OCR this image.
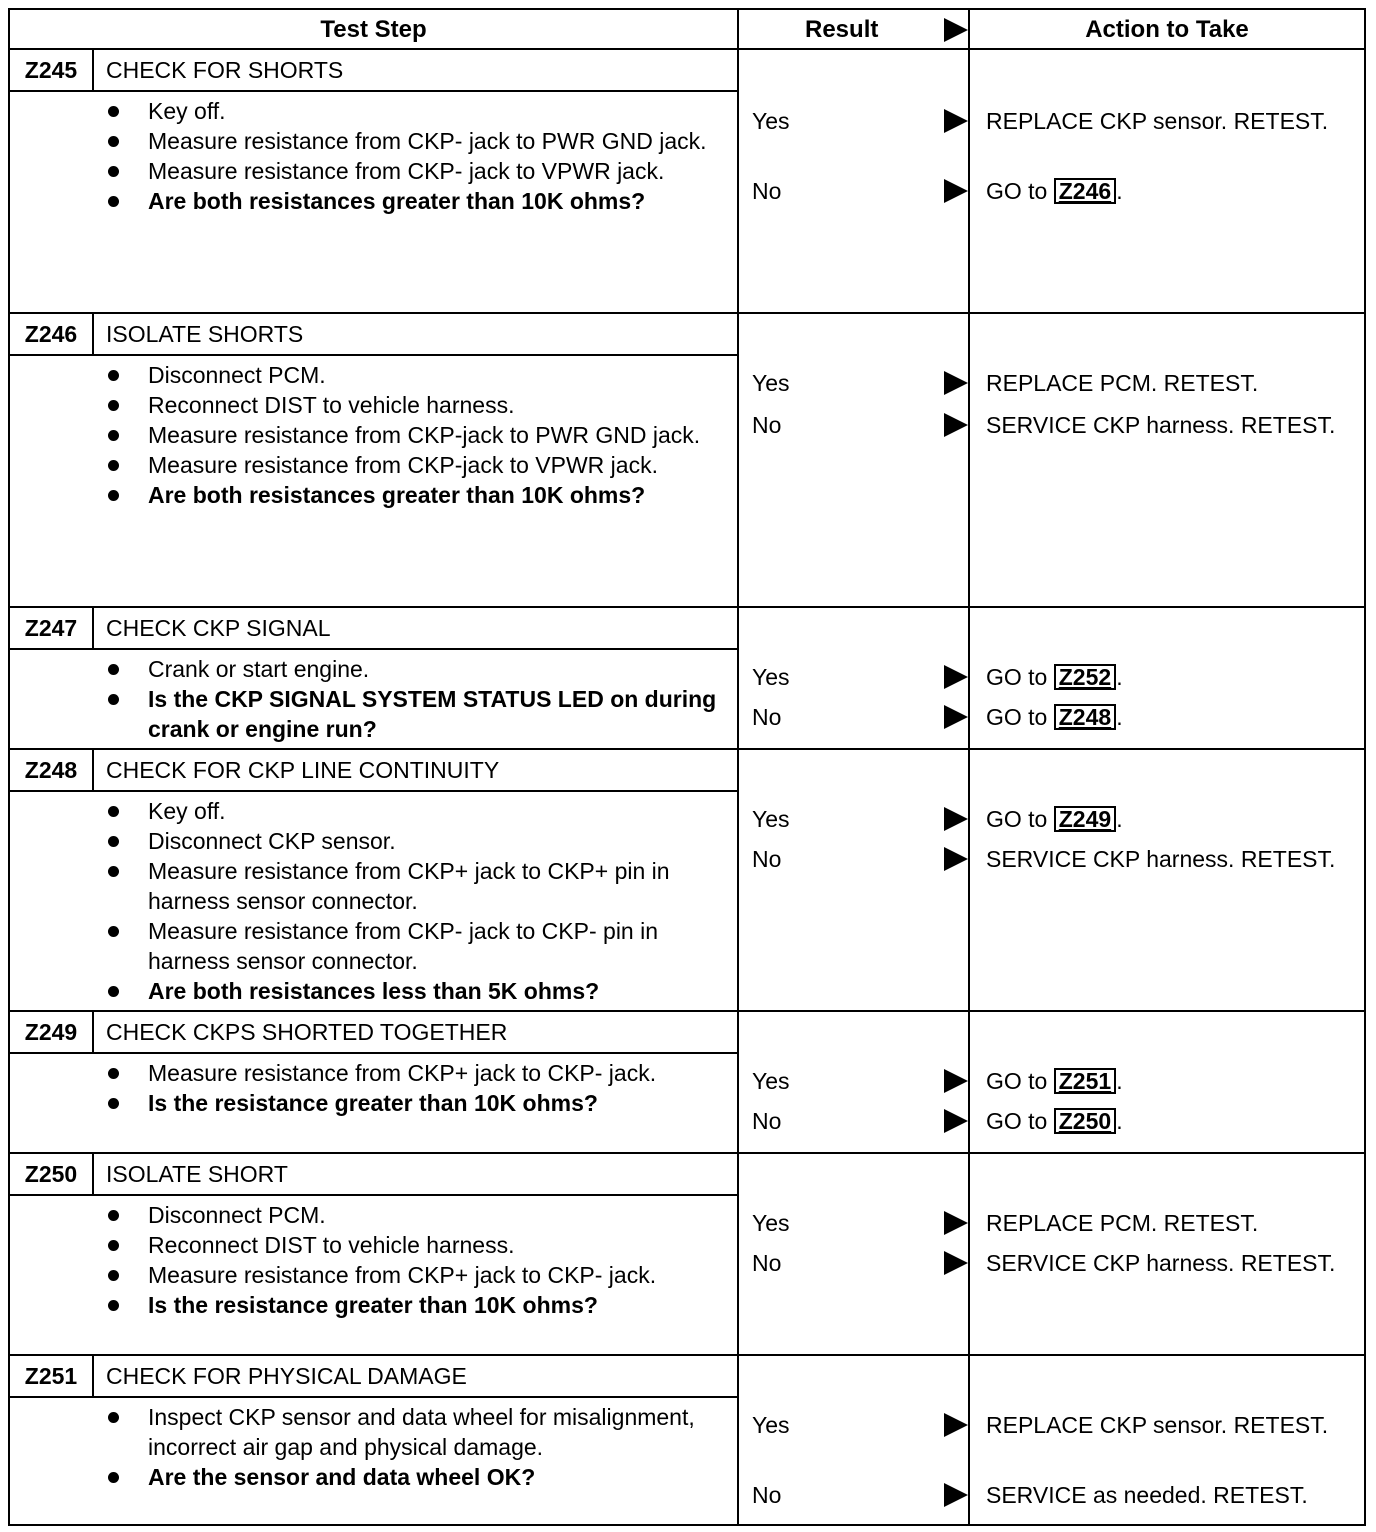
Test Step	Result	Action to Take
Z245	CHECK FOR SHORTS
Key off.
Measure resistance from CKP- jack to PWR GND jack.
Measure resistance from CKP- jack to VPWR jack.
Are both resistances greater than 10K ohms?
Yes	REPLACE CKP sensor. RETEST.
No	GO to Z246 .
Z246	ISOLATE SHORTS
Disconnect PCM.
Reconnect DIST to vehicle harness.
Measure resistance from CKP-jack to PWR GND jack.
Measure resistance from CKP-jack to VPWR jack.
Are both resistances greater than 10K ohms?
Yes	REPLACE PCM. RETEST.
No	SERVICE CKP harness. RETEST.
Z247	CHECK CKP SIGNAL
Crank or start engine.
Is the CKP SIGNAL SYSTEM STATUS LED on during crank or engine run?
Yes	GO to Z252 .
No	GO to Z248 .
Z248	CHECK FOR CKP LINE CONTINUITY
Key off.
Disconnect CKP sensor.
Measure resistance from CKP+ jack to CKP+ pin in harness sensor connector.
Measure resistance from CKP- jack to CKP- pin in harness sensor connector.
Are both resistances less than 5K ohms?
Yes	GO to Z249 .
No	SERVICE CKP harness. RETEST.
Z249	CHECK CKPS SHORTED TOGETHER
Measure resistance from CKP+ jack to CKP- jack.
Is the resistance greater than 10K ohms?
Yes	GO to Z251 .
No	GO to Z250 .
Z250	ISOLATE SHORT
Disconnect PCM.
Reconnect DIST to vehicle harness.
Measure resistance from CKP+ jack to CKP- jack.
Is the resistance greater than 10K ohms?
Yes	REPLACE PCM. RETEST.
No	SERVICE CKP harness. RETEST.
Z251	CHECK FOR PHYSICAL DAMAGE
Inspect CKP sensor and data wheel for misalignment, incorrect air gap and physical damage.
Are the sensor and data wheel OK?
Yes	REPLACE CKP sensor. RETEST.
No	SERVICE as needed. RETEST.
